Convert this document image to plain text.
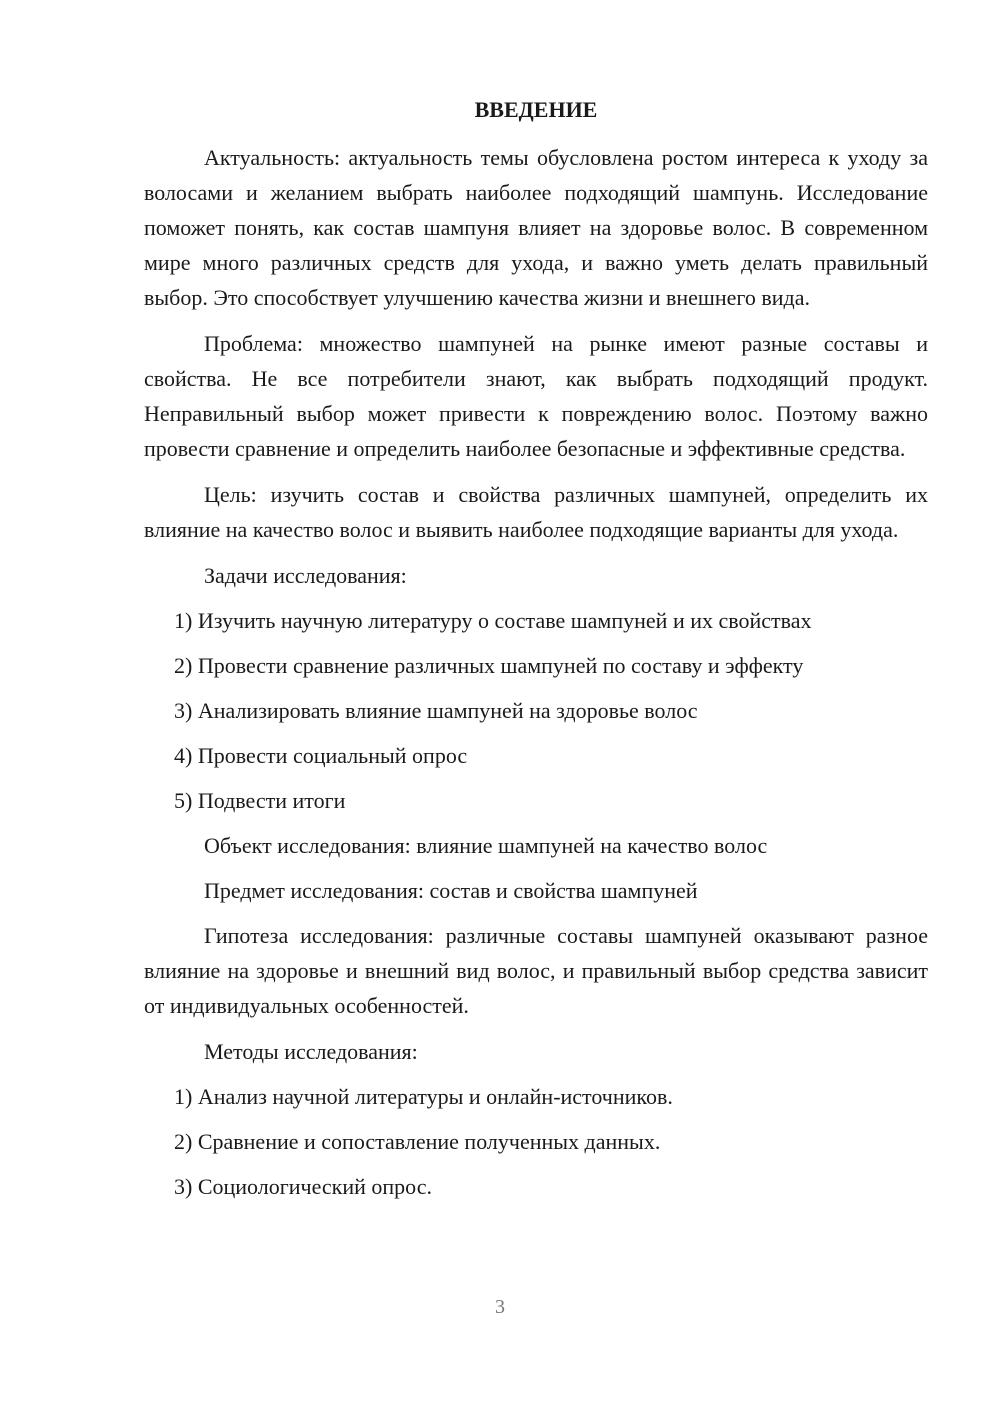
ВВЕДЕНИЕ

Актуальность: актуальность темы обусловлена ростом интереса к уходу за волосами и желанием выбрать наиболее подходящий шампунь. Исследование поможет понять, как состав шампуня влияет на здоровье волос. В современном мире много различных средств для ухода, и важно уметь делать правильный выбор. Это способствует улучшению качества жизни и внешнего вида.

Проблема: множество шампуней на рынке имеют разные составы и свойства. Не все потребители знают, как выбрать подходящий продукт. Неправильный выбор может привести к повреждению волос. Поэтому важно провести сравнение и определить наиболее безопасные и эффективные средства.

Цель: изучить состав и свойства различных шампуней, определить их влияние на качество волос и выявить наиболее подходящие варианты для ухода.

Задачи исследования:

1) Изучить научную литературу о составе шампуней и их свойствах

2) Провести сравнение различных шампуней по составу и эффекту

3) Анализировать влияние шампуней на здоровье волос

4) Провести социальный опрос

5) Подвести итоги

Объект исследования: влияние шампуней на качество волос

Предмет исследования: состав и свойства шампуней

Гипотеза исследования: различные составы шампуней оказывают разное влияние на здоровье и внешний вид волос, и правильный выбор средства зависит от индивидуальных особенностей.

Методы исследования:

1) Анализ научной литературы и онлайн-источников.

2) Сравнение и сопоставление полученных данных.

3) Социологический опрос.

3
